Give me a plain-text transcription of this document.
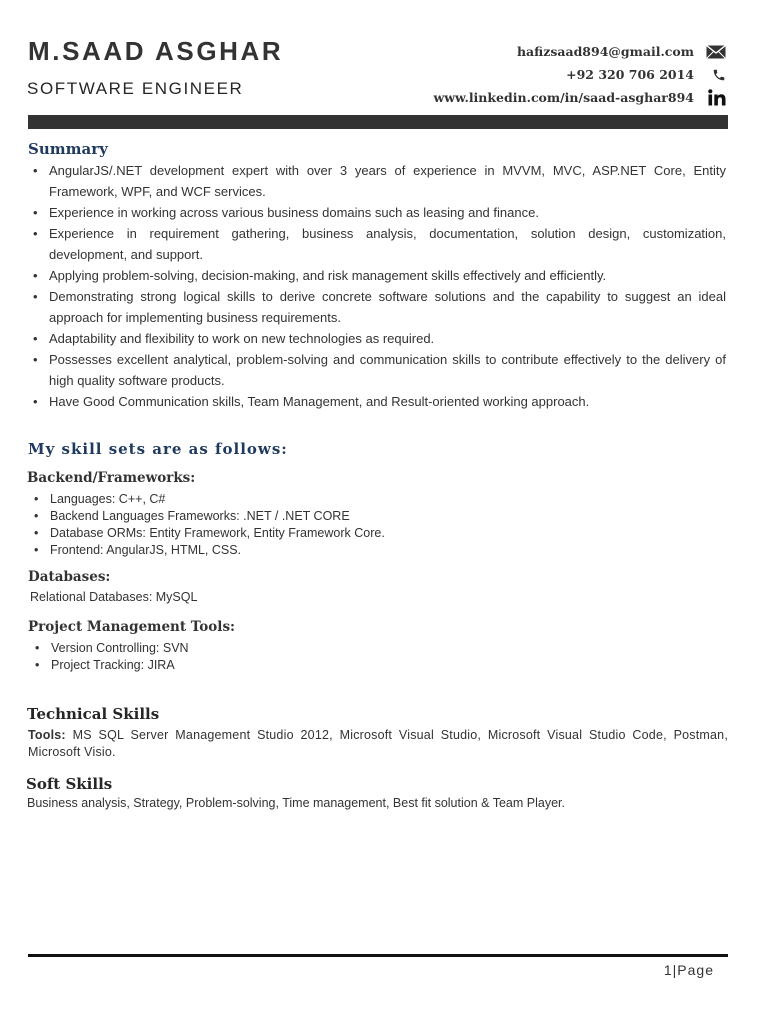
M.SAAD ASGHAR
SOFTWARE ENGINEER
hafizsaad894@gmail.com
+92 320 706 2014
www.linkedin.com/in/saad-asghar894
Summary
• AngularJS/.NET development expert with over 3 years of experience in MVVM, MVC, ASP.NET Core, Entity Framework, WPF, and WCF services.
• Experience in working across various business domains such as leasing and finance.
• Experience in requirement gathering, business analysis, documentation, solution design, customization, development, and support.
• Applying problem-solving, decision-making, and risk management skills effectively and efficiently.
• Demonstrating strong logical skills to derive concrete software solutions and the capability to suggest an ideal approach for implementing business requirements.
• Adaptability and flexibility to work on new technologies as required.
• Possesses excellent analytical, problem-solving and communication skills to contribute effectively to the delivery of high quality software products.
• Have Good Communication skills, Team Management, and Result-oriented working approach.
My skill sets are as follows:
Backend/Frameworks:
• Languages: C++, C#
• Backend Languages Frameworks: .NET / .NET CORE
• Database ORMs: Entity Framework, Entity Framework Core.
• Frontend: AngularJS, HTML, CSS.
Databases:
Relational Databases: MySQL
Project Management Tools:
• Version Controlling: SVN
• Project Tracking: JIRA
Technical Skills
Tools: MS SQL Server Management Studio 2012, Microsoft Visual Studio, Microsoft Visual Studio Code, Postman, Microsoft Visio.
Soft Skills
Business analysis, Strategy, Problem-solving, Time management, Best fit solution & Team Player.
1|Page
